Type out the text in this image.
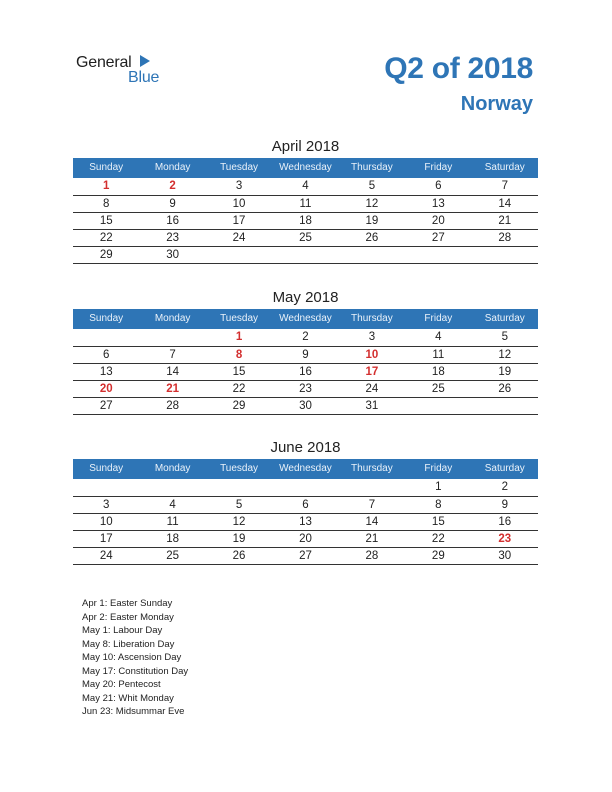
General
Blue	Q2 of 2018
Norway
April 2018
Sunday	Monday	Tuesday	Wednesday	Thursday	Friday	Saturday
1	2	3	4	5	6	7
8	9	10	11	12	13	14
15	16	17	18	19	20	21
22	23	24	25	26	27	28
29	30					
May 2018
Sunday	Monday	Tuesday	Wednesday	Thursday	Friday	Saturday
		1	2	3	4	5
6	7	8	9	10	11	12
13	14	15	16	17	18	19
20	21	22	23	24	25	26
27	28	29	30	31		
June 2018
Sunday	Monday	Tuesday	Wednesday	Thursday	Friday	Saturday
					1	2
3	4	5	6	7	8	9
10	11	12	13	14	15	16
17	18	19	20	21	22	23
24	25	26	27	28	29	30
Apr 1: Easter Sunday
Apr 2: Easter Monday
May 1: Labour Day
May 8: Liberation Day
May 10: Ascension Day
May 17: Constitution Day
May 20: Pentecost
May 21: Whit Monday
Jun 23: Midsummar Eve
